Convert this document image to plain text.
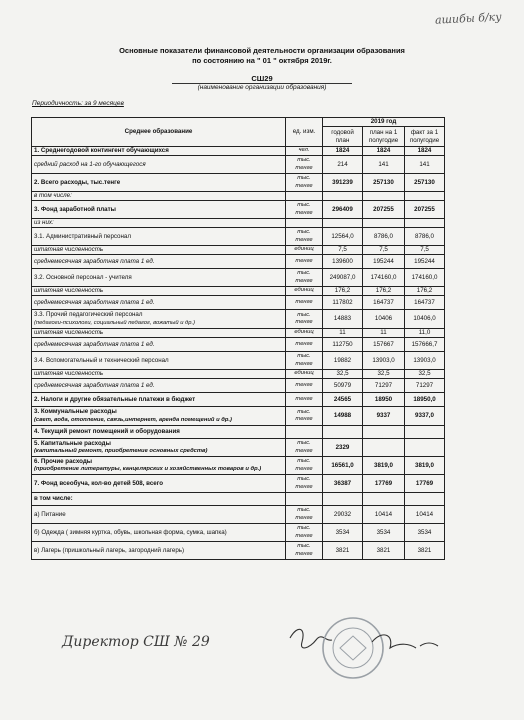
ашибы б/ку
Основные показатели финансовой деятельности организации образования
по состоянию на " 01 " октября 2019г.
СШ29
(наименование организации образования)
Периодичность: за 9 месяцев
Среднее образование	ед. изм.	2019 год		
		годовой план	план на 1 полугодие	факт за 1 полугодие
1. Среднегодовой контингент обучающихся	чел.	1824	1824	1824
средний расход на 1-го обучающегося	тыс. тенге	214	141	141
2. Всего расходы, тыс.тенге	тыс. тенге	391239	257130	257130
в том числе:				
3. Фонд заработной платы	тыс. тенге	296409	207255	207255
из них:				
3.1. Административный персонал	тыс. тенге	12564,0	8786,0	8786,0
штатная численность	единиц	7,5	7,5	7,5
среднемесячная заработная плата 1 ед.	тенге	139600	195244	195244
3.2. Основной персонал - учителя	тыс. тенге	249087,0	174160,0	174160,0
штатная численность	единиц	176,2	176,2	176,2
среднемесячная заработная плата 1 ед.	тенге	117802	164737	164737
3.3. Прочий педагогический персонал
(педагоги-психологи, социальный педагог, вожатый и др.)	тыс. тенге	14883	10406	10406,0
штатная численность	единиц	11	11	11,0
среднемесячная заработная плата 1 ед.	тенге	112750	157667	157666,7
3.4. Вспомогательный и технический персонал	тыс. тенге	19882	13903,0	13903,0
штатная численность	единиц	32,5	32,5	32,5
среднемесячная заработная плата 1 ед.	тенге	50979	71297	71297
2. Налоги и другие обязательные платежи в бюджет	тенге	24565	18950	18950,0
3. Коммунальные расходы
(свет, вода, отопление, связь,интернет, аренда помещений и др.)	тыс. тенге	14988	9337	9337,0
4. Текущий ремонт помещений и оборудования				
5. Капитальные расходы
(капитальный ремонт, приобретение основных средств)	тыс. тенге	2329		
6. Прочие расходы
(приобретение литературы, канцелярских и хозяйственных товаров и др.)	тыс. тенге	16561,0	3819,0	3819,0
7. Фонд всеобуча, кол-во детей 508, всего	тыс. тенге	36387	17769	17769
в том числе:				
а) Питание	тыс. тенге	29032	10414	10414
б) Одежда ( зимняя куртка, обувь, школьная форма, сумка, шапка)	тыс. тенге	3534	3534	3534
в) Лагерь (пришкольный лагерь, загородний лагерь)	тыс. тенге	3821	3821	3821
Директор СШ № 29
